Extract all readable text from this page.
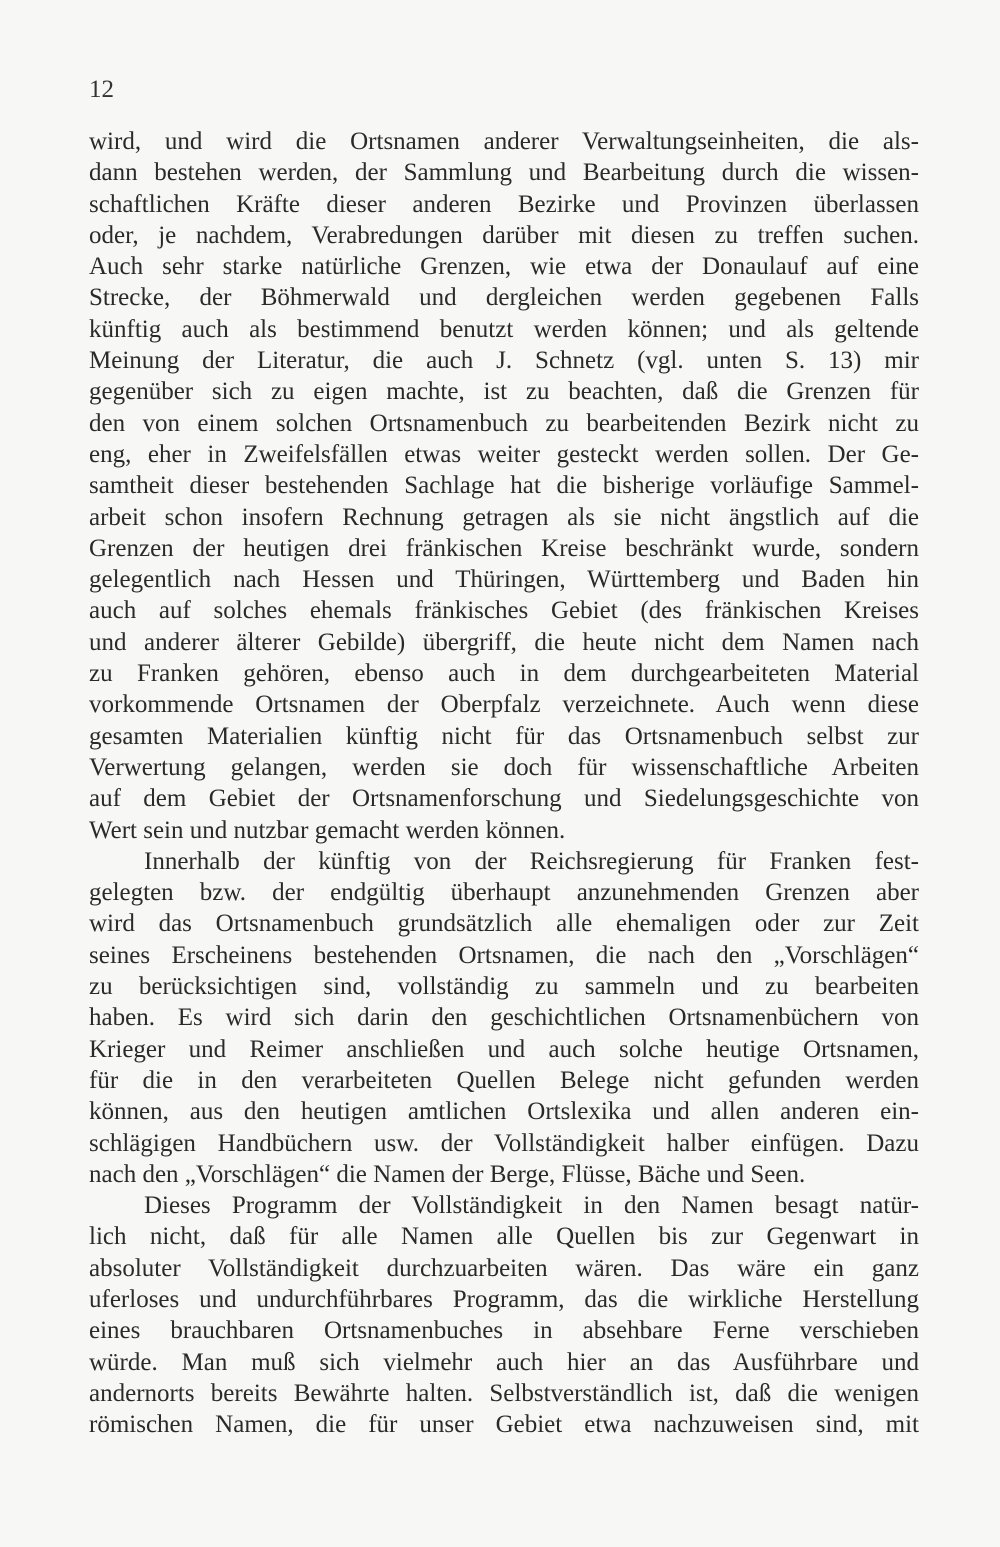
12
wird, und wird die Ortsnamen anderer Verwaltungseinheiten, die als-
dann bestehen werden, der Sammlung und Bearbeitung durch die wissen-
schaftlichen Kräfte dieser anderen Bezirke und Provinzen überlassen
oder, je nachdem, Verabredungen darüber mit diesen zu treffen suchen.
Auch sehr starke natürliche Grenzen, wie etwa der Donaulauf auf eine
Strecke, der Böhmerwald und dergleichen werden gegebenen Falls
künftig auch als bestimmend benutzt werden können; und als geltende
Meinung der Literatur, die auch J. Schnetz (vgl. unten S. 13) mir
gegenüber sich zu eigen machte, ist zu beachten, daß die Grenzen für
den von einem solchen Ortsnamenbuch zu bearbeitenden Bezirk nicht zu
eng, eher in Zweifelsfällen etwas weiter gesteckt werden sollen. Der Ge-
samtheit dieser bestehenden Sachlage hat die bisherige vorläufige Sammel-
arbeit schon insofern Rechnung getragen als sie nicht ängstlich auf die
Grenzen der heutigen drei fränkischen Kreise beschränkt wurde, sondern
gelegentlich nach Hessen und Thüringen, Württemberg und Baden hin
auch auf solches ehemals fränkisches Gebiet (des fränkischen Kreises
und anderer älterer Gebilde) übergriff, die heute nicht dem Namen nach
zu Franken gehören, ebenso auch in dem durchgearbeiteten Material
vorkommende Ortsnamen der Oberpfalz verzeichnete. Auch wenn diese
gesamten Materialien künftig nicht für das Ortsnamenbuch selbst zur
Verwertung gelangen, werden sie doch für wissenschaftliche Arbeiten
auf dem Gebiet der Ortsnamenforschung und Siedelungsgeschichte von
Wert sein und nutzbar gemacht werden können.
Innerhalb der künftig von der Reichsregierung für Franken fest-
gelegten bzw. der endgültig überhaupt anzunehmenden Grenzen aber
wird das Ortsnamenbuch grundsätzlich alle ehemaligen oder zur Zeit
seines Erscheinens bestehenden Ortsnamen, die nach den „Vorschlägen“
zu berücksichtigen sind, vollständig zu sammeln und zu bearbeiten
haben. Es wird sich darin den geschichtlichen Ortsnamenbüchern von
Krieger und Reimer anschließen und auch solche heutige Ortsnamen,
für die in den verarbeiteten Quellen Belege nicht gefunden werden
können, aus den heutigen amtlichen Ortslexika und allen anderen ein-
schlägigen Handbüchern usw. der Vollständigkeit halber einfügen. Dazu
nach den „Vorschlägen“ die Namen der Berge, Flüsse, Bäche und Seen.
Dieses Programm der Vollständigkeit in den Namen besagt natür-
lich nicht, daß für alle Namen alle Quellen bis zur Gegenwart in
absoluter Vollständigkeit durchzuarbeiten wären. Das wäre ein ganz
uferloses und undurchführbares Programm, das die wirkliche Herstellung
eines brauchbaren Ortsnamenbuches in absehbare Ferne verschieben
würde. Man muß sich vielmehr auch hier an das Ausführbare und
andernorts bereits Bewährte halten. Selbstverständlich ist, daß die wenigen
römischen Namen, die für unser Gebiet etwa nachzuweisen sind, mit
